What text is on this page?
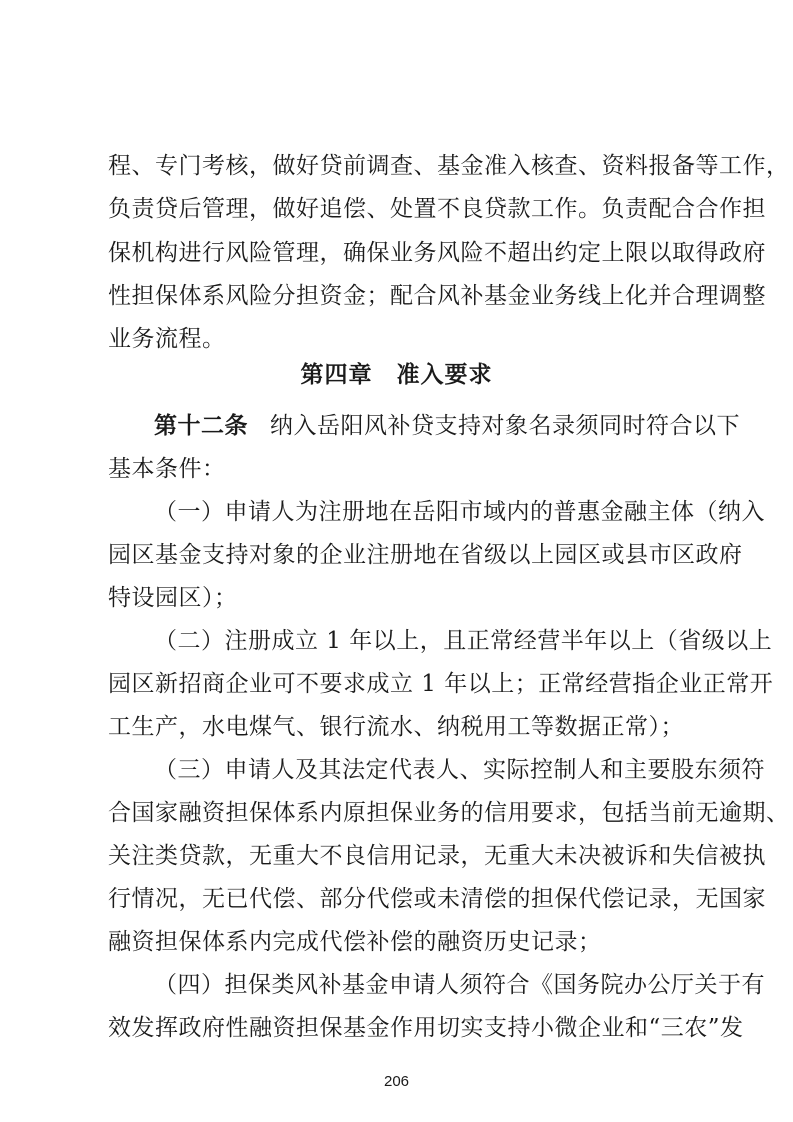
程、专门考核，做好贷前调查、基金准入核查、资料报备等工作，
负责贷后管理，做好追偿、处置不良贷款工作。负责配合合作担
保机构进行风险管理，确保业务风险不超出约定上限以取得政府
性担保体系风险分担资金；配合风补基金业务线上化并合理调整
业务流程。
第四章 准入要求
第十二条 纳入岳阳风补贷支持对象名录须同时符合以下
基本条件：
（一）申请人为注册地在岳阳市域内的普惠金融主体（纳入
园区基金支持对象的企业注册地在省级以上园区或县市区政府
特设园区）；
（二）注册成立 1 年以上，且正常经营半年以上（省级以上
园区新招商企业可不要求成立 1 年以上；正常经营指企业正常开
工生产，水电煤气、银行流水、纳税用工等数据正常）；
（三）申请人及其法定代表人、实际控制人和主要股东须符
合国家融资担保体系内原担保业务的信用要求，包括当前无逾期、
关注类贷款，无重大不良信用记录，无重大未决被诉和失信被执
行情况，无已代偿、部分代偿或未清偿的担保代偿记录，无国家
融资担保体系内完成代偿补偿的融资历史记录；
（四）担保类风补基金申请人须符合《国务院办公厅关于有
效发挥政府性融资担保基金作用切实支持小微企业和“三农”发
206
